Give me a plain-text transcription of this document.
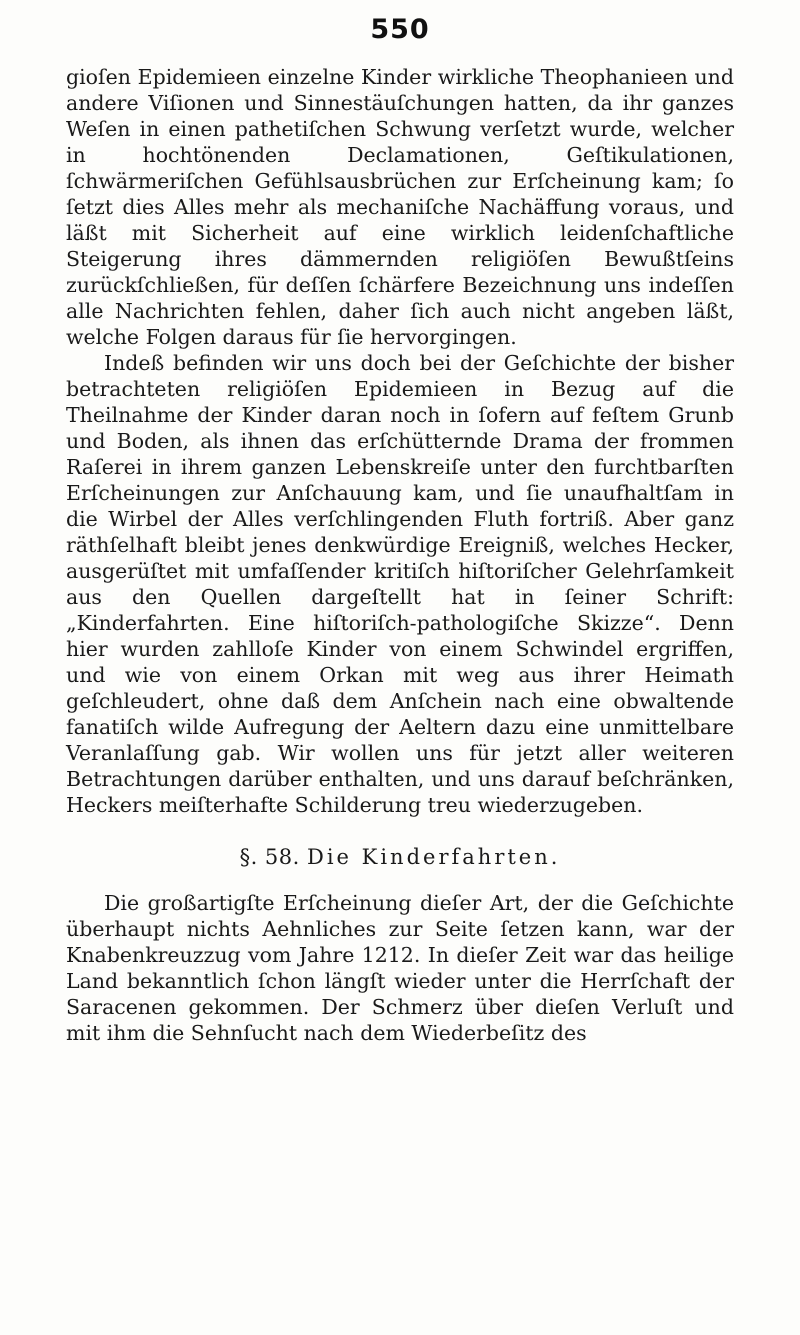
550

gioſen Epidemieen einzelne Kinder wirkliche Theophanieen und andere Viſionen und Sinnestäuſchungen hatten, da ihr ganzes Weſen in einen pathetiſchen Schwung verſetzt wurde, welcher in hochtönenden Declamationen, Geſtikulationen, ſchwärmeriſchen Gefühlsausbrüchen zur Erſcheinung kam; ſo ſetzt dies Alles mehr als mechaniſche Nachäffung voraus, und läßt mit Sicherheit auf eine wirklich leidenſchaftliche Steigerung ihres dämmernden religiöſen Bewußtſeins zurückſchließen, für deſſen ſchärfere Bezeichnung uns indeſſen alle Nachrichten fehlen, daher ſich auch nicht angeben läßt, welche Folgen daraus für ſie hervorgingen.

Indeß befinden wir uns doch bei der Geſchichte der bisher betrachteten religiöſen Epidemieen in Bezug auf die Theilnahme der Kinder daran noch in ſofern auf feſtem Grunb und Boden, als ihnen das erſchütternde Drama der frommen Raſerei in ihrem ganzen Lebenskreiſe unter den furchtbarſten Erſcheinungen zur Anſchauung kam, und ſie unaufhaltſam in die Wirbel der Alles verſchlingenden Fluth fortriß. Aber ganz räthſelhaft bleibt jenes denkwürdige Ereigniß, welches Hecker, ausgerüſtet mit umfaſſender kritiſch hiſtoriſcher Gelehrſamkeit aus den Quellen dargeſtellt hat in ſeiner Schrift: „Kinderfahrten. Eine hiſtoriſch-pathologiſche Skizze“. Denn hier wurden zahlloſe Kinder von einem Schwindel ergriffen, und wie von einem Orkan mit weg aus ihrer Heimath geſchleudert, ohne daß dem Anſchein nach eine obwaltende fanatiſch wilde Aufregung der Aeltern dazu eine unmittelbare Veranlaſſung gab. Wir wollen uns für jetzt aller weiteren Betrachtungen darüber enthalten, und uns darauf beſchränken, Heckers meiſterhafte Schilderung treu wiederzugeben.

§. 58. Die Kinderfahrten.

Die großartigſte Erſcheinung dieſer Art, der die Geſchichte überhaupt nichts Aehnliches zur Seite ſetzen kann, war der Knabenkreuzzug vom Jahre 1212. In dieſer Zeit war das heilige Land bekanntlich ſchon längſt wieder unter die Herrſchaft der Saracenen gekommen. Der Schmerz über dieſen Verluſt und mit ihm die Sehnſucht nach dem Wiederbeſitz des
